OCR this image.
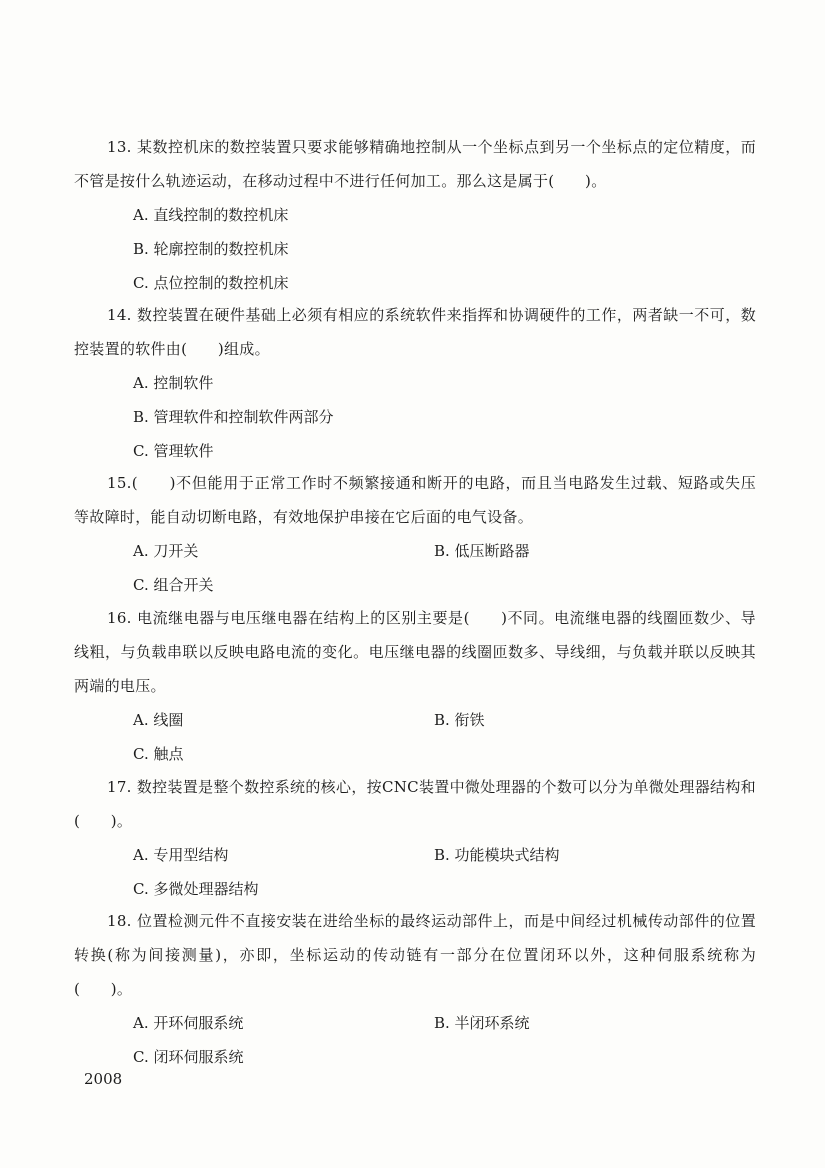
13. 某数控机床的数控装置只要求能够精确地控制从一个坐标点到另一个坐标点的定位精度，而不管是按什么轨迹运动，在移动过程中不进行任何加工。那么这是属于(　　)。

A. 直线控制的数控机床
B. 轮廓控制的数控机床
C. 点位控制的数控机床

14. 数控装置在硬件基础上必须有相应的系统软件来指挥和协调硬件的工作，两者缺一不可，数控装置的软件由(　　)组成。

A. 控制软件
B. 管理软件和控制软件两部分
C. 管理软件

15.(　　)不但能用于正常工作时不频繁接通和断开的电路，而且当电路发生过载、短路或失压等故障时，能自动切断电路，有效地保护串接在它后面的电气设备。

A. 刀开关	B. 低压断路器
C. 组合开关

16. 电流继电器与电压继电器在结构上的区别主要是(　　)不同。电流继电器的线圈匝数少、导线粗，与负载串联以反映电路电流的变化。电压继电器的线圈匝数多、导线细，与负载并联以反映其两端的电压。

A. 线圈	B. 衔铁
C. 触点

17. 数控装置是整个数控系统的核心，按CNC装置中微处理器的个数可以分为单微处理器结构和(　　)。

A. 专用型结构	B. 功能模块式结构
C. 多微处理器结构

18. 位置检测元件不直接安装在进给坐标的最终运动部件上，而是中间经过机械传动部件的位置转换(称为间接测量)，亦即，坐标运动的传动链有一部分在位置闭环以外，这种伺服系统称为(　　)。

A. 开环伺服系统	B. 半闭环系统
C. 闭环伺服系统
2008
